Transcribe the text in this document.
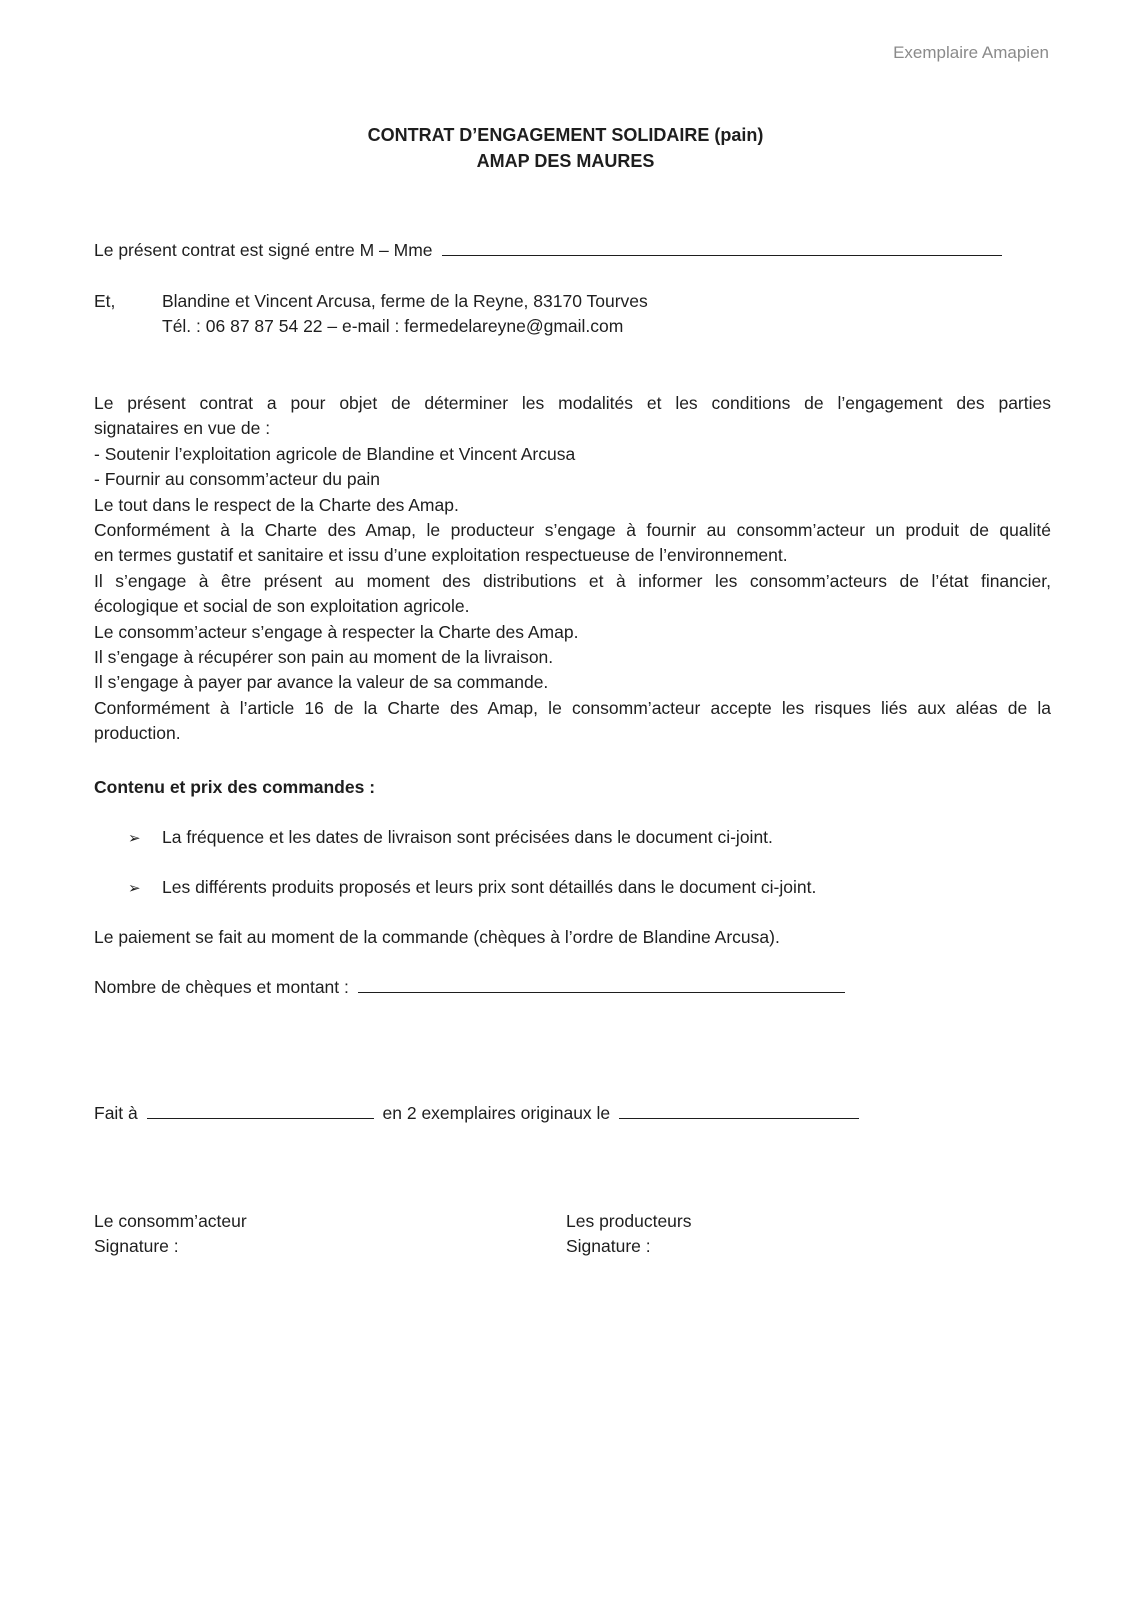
Exemplaire Amapien
CONTRAT D’ENGAGEMENT SOLIDAIRE (pain)
AMAP DES MAURES
Le présent contrat est signé entre M – Mme
Et,	Blandine et Vincent Arcusa, ferme de la Reyne, 83170 Tourves
Tél. : 06 87 87 54 22 – e-mail : fermedelareyne@gmail.com

Le présent contrat a pour objet de déterminer les modalités et les conditions de l’engagement des parties

signataires en vue de :

- Soutenir l’exploitation agricole de Blandine et Vincent Arcusa

- Fournir au consomm’acteur du pain

Le tout dans le respect de la Charte des Amap.

Conformément à la Charte des Amap, le producteur s’engage à fournir au consomm’acteur un produit de qualité

en termes gustatif et sanitaire et issu d’une exploitation respectueuse de l’environnement.

Il s’engage à être présent au moment des distributions et à informer les consomm’acteurs de l’état financier,

écologique et social de son exploitation agricole.

Le consomm’acteur s’engage à respecter la Charte des Amap.

Il s’engage à récupérer son pain au moment de la livraison.

Il s’engage à payer par avance la valeur de sa commande.

Conformément à l’article 16 de la Charte des Amap, le consomm’acteur accepte les risques liés aux aléas de la

production.

Contenu et prix des commandes :
➢ La fréquence et les dates de livraison sont précisées dans le document ci-joint.
➢ Les différents produits proposés et leurs prix sont détaillés dans le document ci-joint.
Le paiement se fait au moment de la commande (chèques à l’ordre de Blandine Arcusa).
Nombre de chèques et montant :
Fait à	en 2 exemplaires originaux le
Le consomm’acteur
Signature :
Les producteurs
Signature :
